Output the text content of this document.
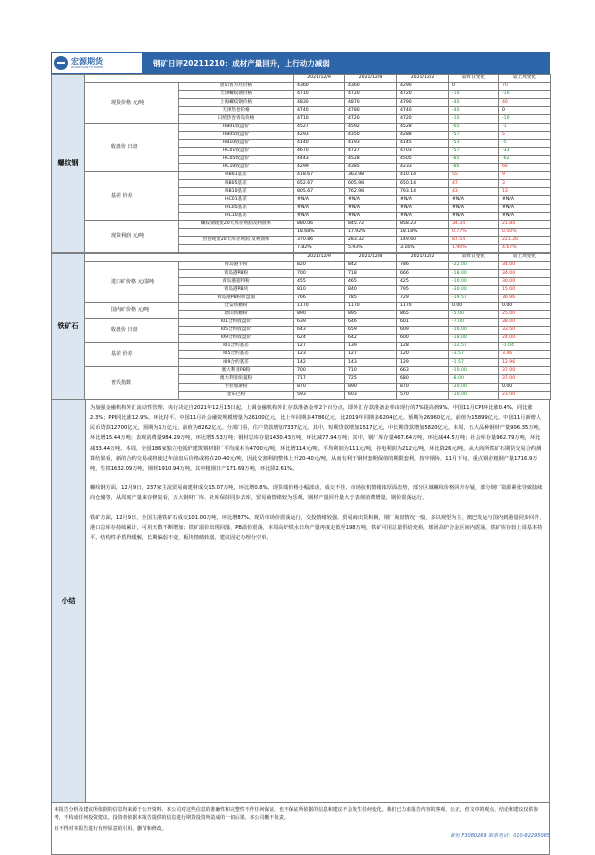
宏源期货
HONGYUAN FUTURES	钢矿日评20211210：成材产量回升，上行动力减弱
螺纹钢			2021/12/9	2021/12/8	2021/12/2	较昨日变化	较上周变化
	现货价格 元/吨	唐山普方坯价格	4360	4360	4290	0	70
		天津螺纹钢价格	4710	4720	4720	-10	-10
		上海螺纹钢价格	4830	4870	4790	-40	40
		天津热卷价格	4740	4780	4740	-40	0
		日照热卷青岛价格	4710	4720	4720	-10	-10
	收盘价 日盘	RB01收盘价	4527	4592	4528	-65	-1
		RB05收盘价	4293	4350	4288	-57	5
		RB10收盘价	4140	4193	4145	-53	-5
		HC01收盘价	4670	4727	4703	-57	-33
		HC05收盘价	4443	4528	4505	-85	-62
		HC10收盘价	4299	4385	4233	-86	66
	基差 价差	RB01基差	418.67	363.98	410.14	55	9
		RB05基差	652.67	605.98	650.14	47	3
		RB10基差	805.67	762.98	793.14	43	13
		HC01基差	#N/A	#N/A	#N/A	#N/A	#N/A
		HC05基差	#N/A	#N/A	#N/A	#N/A	#N/A
		HC10基差	#N/A	#N/A	#N/A	#N/A	#N/A
	现货利润 元/吨	螺纹钢现货20天库存利润及利润率	880.06	845.72	858.23	34.34	21.84
			18.68%	17.92%	18.18%	0.77%	0.50%
		热卷现货20天库存利润 及利润率	370.86	283.32	149.60	87.54	221.26
			7.82%	5.93%	3.16%	1.90%	4.67%
铁矿石			2021/12/9	2021/12/8	2021/12/2	较昨日变化	较上周变化
	进口矿价格 元/湿吨	青岛港卡粉	820	842	786	-22.00	34.00
		青岛港PB粉	700	718	666	-18.00	34.00
		青岛港超特粉	455	465	425	-10.00	30.00
		青岛港PB块	810	840	795	-30.00	15.00
		青岛港PB粉折盘面	766	785	729	-19.57	36.96
	国内矿价格 元/吨	迁安铁精粉	1170	1170	1170	0.00	0.00
		唐山铁精粉	890	895	865	-5.00	25.00
	收盘价 日盘	I01合约收盘价	639	646	601	-7.00	38.00
		I05合约收盘价	643	659	609	-16.00	33.50
		I09合约收盘价	624	642	600	-18.00	24.00
	基差 价差	I01合约基差	127	139	128	-12.57	-1.04
		I05合约基差	123	127	120	-3.57	3.46
		I09合约基差	142	143	129	-1.57	12.96
	普氏指数	澳大利亚PB粉	700	710	663	-10.00	37.00
		澳大利亚纽曼粉	717	725	680	-8.00	37.00
		卡拉加斯粉	870	890	870	-20.00	0.00
		金布巴粉	593	603	570	-10.00	23.00
小结

为加强金融机构外汇流动性管理，央行决定自2021年12月15日起，上调金融机构外汇存款准备金率2个百分点，即外汇存款准备金率由现行的7%提高到9%。中国11月CPI环比涨0.4%，同比涨2.3%；PPI同比涨12.9%，环比持平。中国11月社会融资规模增量为26100亿元，比上年同期多4786亿元，比2019年同期多6204亿元。预期为26960亿元，前值为15899亿元。中国11月新增人民币贷款12700亿元，预期为1万亿元，前值为8262亿元。分部门看，住户贷款增加7337亿元，其中，短期贷款增加1517亿元，中长期贷款增加5820亿元。本周，五大品种钢材产量906.35万吨，环比增15.44万吨；表观消费量984.29万吨，环比增5.53万吨；钢材总库存量1430.43万吨，环比减77.94万吨；其中，钢厂库存量467.64万吨，环比减44.5万吨；社会库存量962.79万吨，环比减33.44万吨。本周，全国186家独立电弧炉建筑钢材钢厂平均成本为4700元/吨，环比增114元/吨。平均利润为111元/吨，谷电利润为212元/吨，环比降26元/吨。从大商所铁矿石期货交易合约测算结果看，新的合约交易或将使过年前盘后价格或将在20-40元/吨，因此交割利润整体上升20-40元/吨，从而有利于钢材套期保值的期限套利，按中钢协，11月下旬，重点钢企粗钢产量1716.9万吨，生铁1632.09万吨，钢材1910.94万吨。其中粗钢日产171.69万吨，环比降2.61%。

螺纹钢方面，12月9日，237家主流贸易商建材成交15.07万吨，环比增0.8%。现货端价格小幅波动，成交不佳。市场抗机情绪浓厚面态势，部分区域螺纹价格回升存疑，部分钢厂资源紧张导致陆续向仓储等，从周度产量来存修复看，五大钢材厂库、社库保持同步去库，贸易商情绪较为乐观，钢材产量回升量大于表观消费增量，钢价震荡运行。

铁矿方面，12月9日，全国主港铁矿石成交101.00万吨，环比增87%。现货市场价震荡运行，交投情绪较强，贸易商出货积极，钢厂询盘情况一般，多以观望为主。澳巴发运与国内到港量同步回升，港口总库存持续累计，可用天数不断增加；铁矿溢价出现回落，PB溢价震荡，本周高炉铁水日均产量再度走低至198万吨，铁矿可用总量供给充裕，球团高炉合金区间内震荡，铁矿库存较上周基本持平，结构性矛盾得缓解，长期偏弱不变，板块情绪转弱，建议固定办理分空单。

本报告分析及建议所依据的信息均来源于公开资料，本公司对这些信息的准确性和完整性不作任何保证，也不保证所依据的信息和建议不会发生任何变化。我们已力求报告内容的客观、公正，但文中的观点、结论和建议仅供参考，不构成任何投资建议。投资者依据本报告提供的信息进行期货投资所造成的一切后果，本公司概不负责。

且不得对本报告进行有悖原意的引用、删节和修改。

黄恒 F3080269 联系电话：010-82295085
